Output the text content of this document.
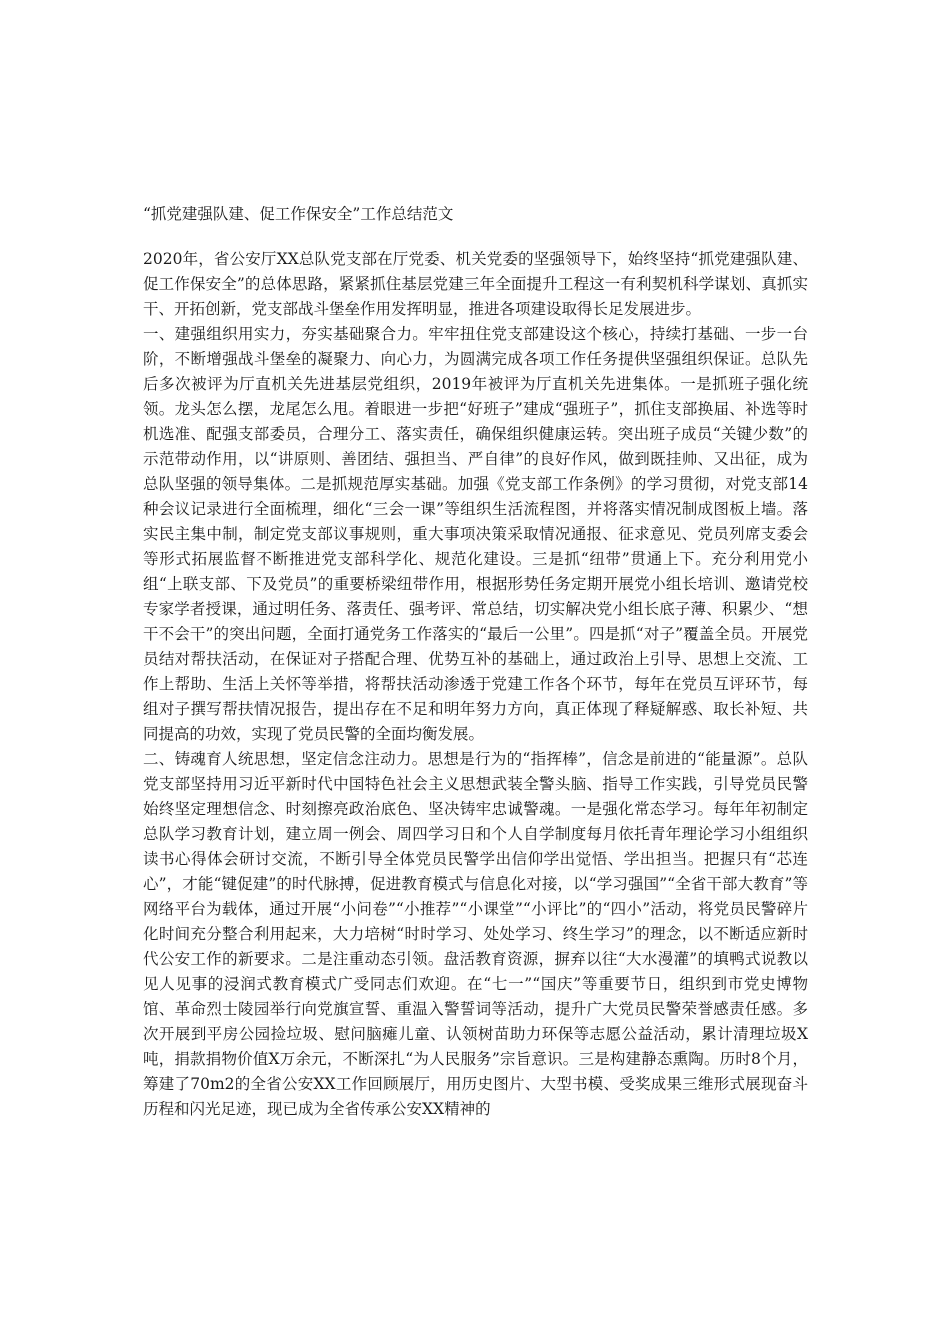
“抓党建强队建、促工作保安全”工作总结范文

2020年，省公安厅XX总队党支部在厅党委、机关党委的坚强领导下，始终坚持“抓党建强队建、促工作保安全”的总体思路，紧紧抓住基层党建三年全面提升工程这一有利契机科学谋划、真抓实干、开拓创新，党支部战斗堡垒作用发挥明显，推进各项建设取得长足发展进步。

一、建强组织用实力，夯实基础聚合力。牢牢扭住党支部建设这个核心，持续打基础、一步一台阶，不断增强战斗堡垒的凝聚力、向心力，为圆满完成各项工作任务提供坚强组织保证。总队先后多次被评为厅直机关先进基层党组织，2019年被评为厅直机关先进集体。一是抓班子强化统领。龙头怎么摆，龙尾怎么甩。着眼进一步把“好班子”建成“强班子”，抓住支部换届、补选等时机选准、配强支部委员，合理分工、落实责任，确保组织健康运转。突出班子成员“关键少数”的示范带动作用，以“讲原则、善团结、强担当、严自律”的良好作风，做到既挂帅、又出征，成为总队坚强的领导集体。二是抓规范厚实基础。加强《党支部工作条例》的学习贯彻，对党支部14种会议记录进行全面梳理，细化“三会一课”等组织生活流程图，并将落实情况制成图板上墙。落实民主集中制，制定党支部议事规则，重大事项决策采取情况通报、征求意见、党员列席支委会等形式拓展监督不断推进党支部科学化、规范化建设。三是抓“纽带”贯通上下。充分利用党小组“上联支部、下及党员”的重要桥梁纽带作用，根据形势任务定期开展党小组长培训、邀请党校专家学者授课，通过明任务、落责任、强考评、常总结，切实解决党小组长底子薄、积累少、“想干不会干”的突出问题，全面打通党务工作落实的“最后一公里”。四是抓“对子”覆盖全员。开展党员结对帮扶活动，在保证对子搭配合理、优势互补的基础上，通过政治上引导、思想上交流、工作上帮助、生活上关怀等举措，将帮扶活动渗透于党建工作各个环节，每年在党员互评环节，每组对子撰写帮扶情况报告，提出存在不足和明年努力方向，真正体现了释疑解惑、取长补短、共同提高的功效，实现了党员民警的全面均衡发展。

二、铸魂育人统思想，坚定信念注动力。思想是行为的“指挥棒”，信念是前进的“能量源”。总队党支部坚持用习近平新时代中国特色社会主义思想武装全警头脑、指导工作实践，引导党员民警始终坚定理想信念、时刻擦亮政治底色、坚决铸牢忠诚警魂。一是强化常态学习。每年年初制定总队学习教育计划，建立周一例会、周四学习日和个人自学制度每月依托青年理论学习小组组织读书心得体会研讨交流，不断引导全体党员民警学出信仰学出觉悟、学出担当。把握只有“芯连心”，才能“键促建”的时代脉搏，促进教育模式与信息化对接，以“学习强国”“全省干部大教育”等网络平台为载体，通过开展“小问卷”“小推荐”“小课堂”“小评比”的“四小”活动，将党员民警碎片化时间充分整合利用起来，大力培树“时时学习、处处学习、终生学习”的理念，以不断适应新时代公安工作的新要求。二是注重动态引领。盘活教育资源，摒弃以往“大水漫灌”的填鸭式说教以见人见事的浸润式教育模式广受同志们欢迎。在“七一”“国庆”等重要节日，组织到市党史博物馆、革命烈士陵园举行向党旗宣誓、重温入警誓词等活动，提升广大党员民警荣誉感责任感。多次开展到平房公园捡垃圾、慰问脑瘫儿童、认领树苗助力环保等志愿公益活动，累计清理垃圾X吨，捐款捐物价值X万余元，不断深扎“为人民服务”宗旨意识。三是构建静态熏陶。历时8个月，筹建了70m2的全省公安XX工作回顾展厅，用历史图片、大型书模、受奖成果三维形式展现奋斗历程和闪光足迹，现已成为全省传承公安XX精神的
